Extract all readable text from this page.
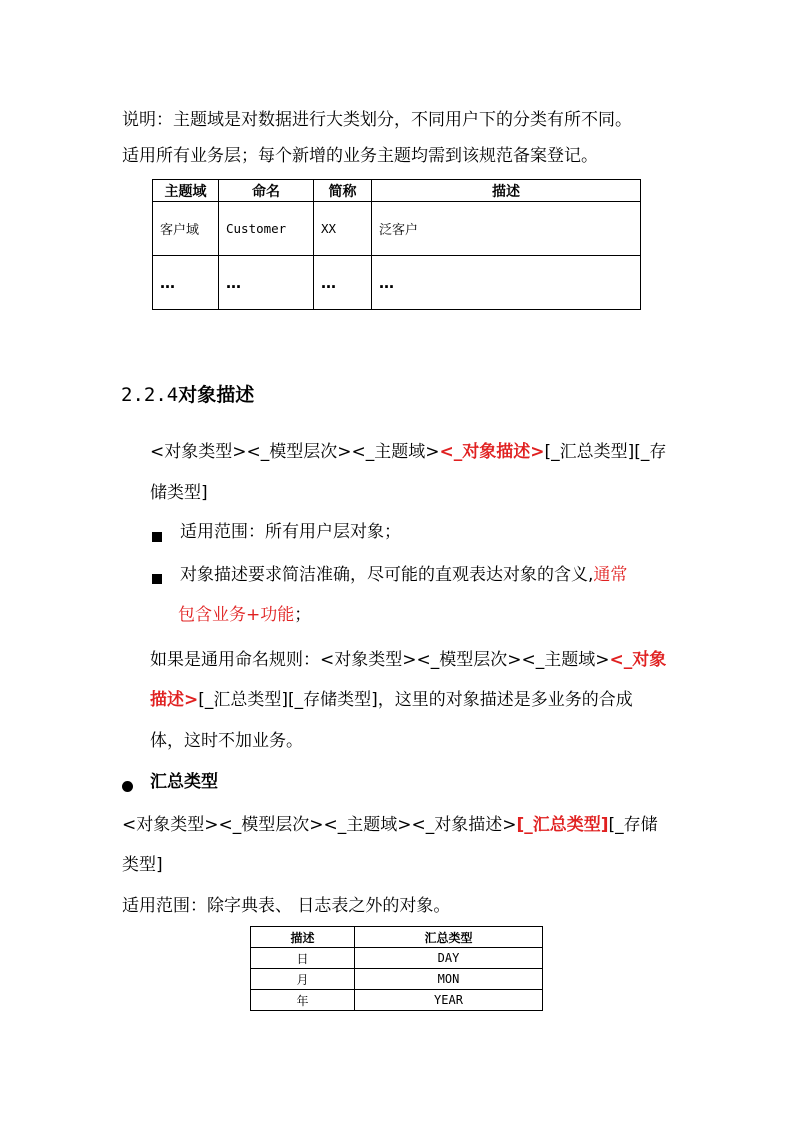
说明：主题域是对数据进行大类划分，不同用户下的分类有所不同。
适用所有业务层；每个新增的业务主题均需到该规范备案登记。
主题域	命名	简称	描述
客户域	Customer	XX	泛客户
…	…	…	…
2.2.4对象描述
<对象类型><_模型层次><_主题域><_对象描述>[_汇总类型][_存
储类型]
适用范围：所有用户层对象；
对象描述要求简洁准确，尽可能的直观表达对象的含义,通常
包含业务+功能；
如果是通用命名规则：<对象类型><_模型层次><_主题域><_对象
描述>[_汇总类型][_存储类型]，这里的对象描述是多业务的合成
体，这时不加业务。
汇总类型
<对象类型><_模型层次><_主题域><_对象描述>[_汇总类型][_存储
类型]
适用范围：除字典表、 日志表之外的对象。
描述	汇总类型
日	DAY
月	MON
年	YEAR
